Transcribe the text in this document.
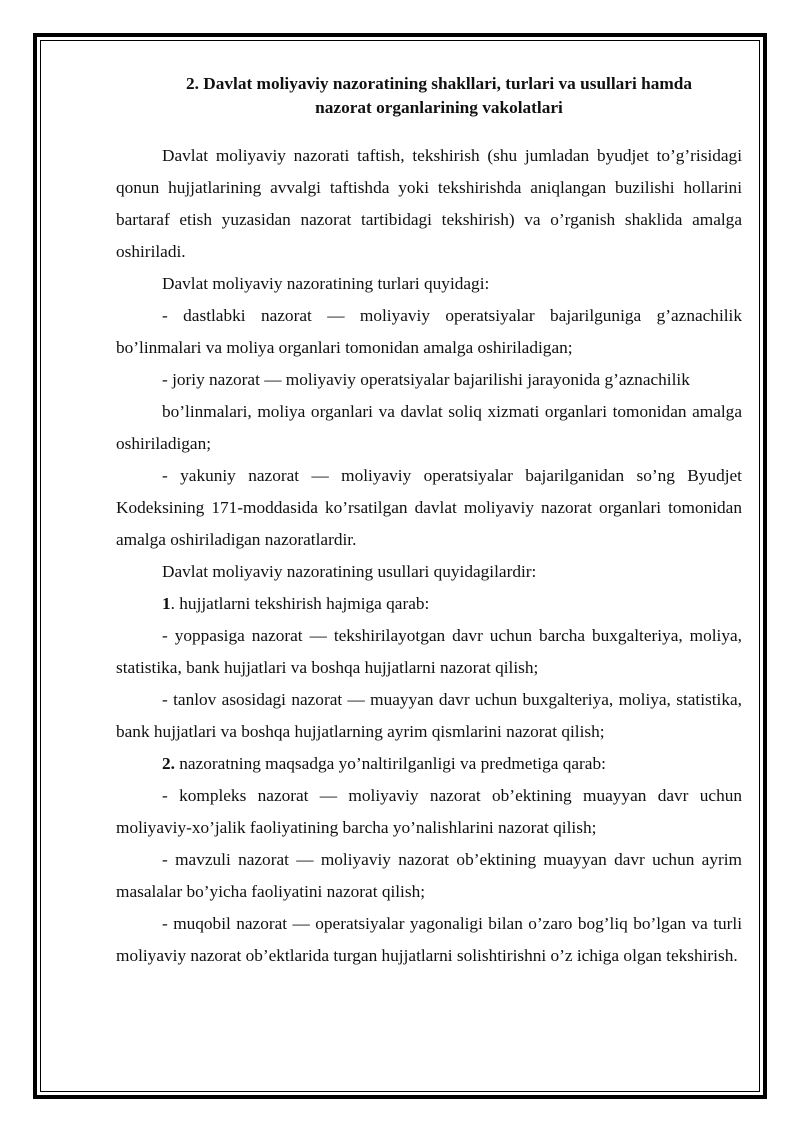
2. Davlat moliyaviy nazoratining shakllari, turlari va usullari hamda
nazorat organlarining vakolatlari

Davlat moliyaviy nazorati taftish, tekshirish (shu jumladan byudjet to’g’risidagi qonun hujjatlarining avvalgi taftishda yoki tekshirishda aniqlangan buzilishi hollarini bartaraf etish yuzasidan nazorat tartibidagi tekshirish) va o’rganish shaklida amalga oshiriladi.

Davlat moliyaviy nazoratining turlari quyidagi:

- dastlabki nazorat — moliyaviy operatsiyalar bajarilguniga g’aznachilik bo’linmalari va moliya organlari tomonidan amalga oshiriladigan;

- joriy nazorat — moliyaviy operatsiyalar bajarilishi jarayonida g’aznachilik

bo’linmalari, moliya organlari va davlat soliq xizmati organlari tomonidan amalga oshiriladigan;

- yakuniy nazorat — moliyaviy operatsiyalar bajarilganidan so’ng Byudjet Kodeksining 171-moddasida ko’rsatilgan davlat moliyaviy nazorat organlari tomonidan amalga oshiriladigan nazoratlardir.

Davlat moliyaviy nazoratining usullari quyidagilardir:

1. hujjatlarni tekshirish hajmiga qarab:

- yoppasiga nazorat — tekshirilayotgan davr uchun barcha buxgalteriya, moliya, statistika, bank hujjatlari va boshqa hujjatlarni nazorat qilish;

- tanlov asosidagi nazorat — muayyan davr uchun buxgalteriya, moliya, statistika, bank hujjatlari va boshqa hujjatlarning ayrim qismlarini nazorat qilish;

2. nazoratning maqsadga yo’naltirilganligi va predmetiga qarab:

- kompleks nazorat — moliyaviy nazorat ob’ektining muayyan davr uchun moliyaviy-xo’jalik faoliyatining barcha yo’nalishlarini nazorat qilish;

- mavzuli nazorat — moliyaviy nazorat ob’ektining muayyan davr uchun ayrim masalalar bo’yicha faoliyatini nazorat qilish;

- muqobil nazorat — operatsiyalar yagonaligi bilan o’zaro bog’liq bo’lgan va turli moliyaviy nazorat ob’ektlarida turgan hujjatlarni solishtirishni o’z ichiga olgan tekshirish.
